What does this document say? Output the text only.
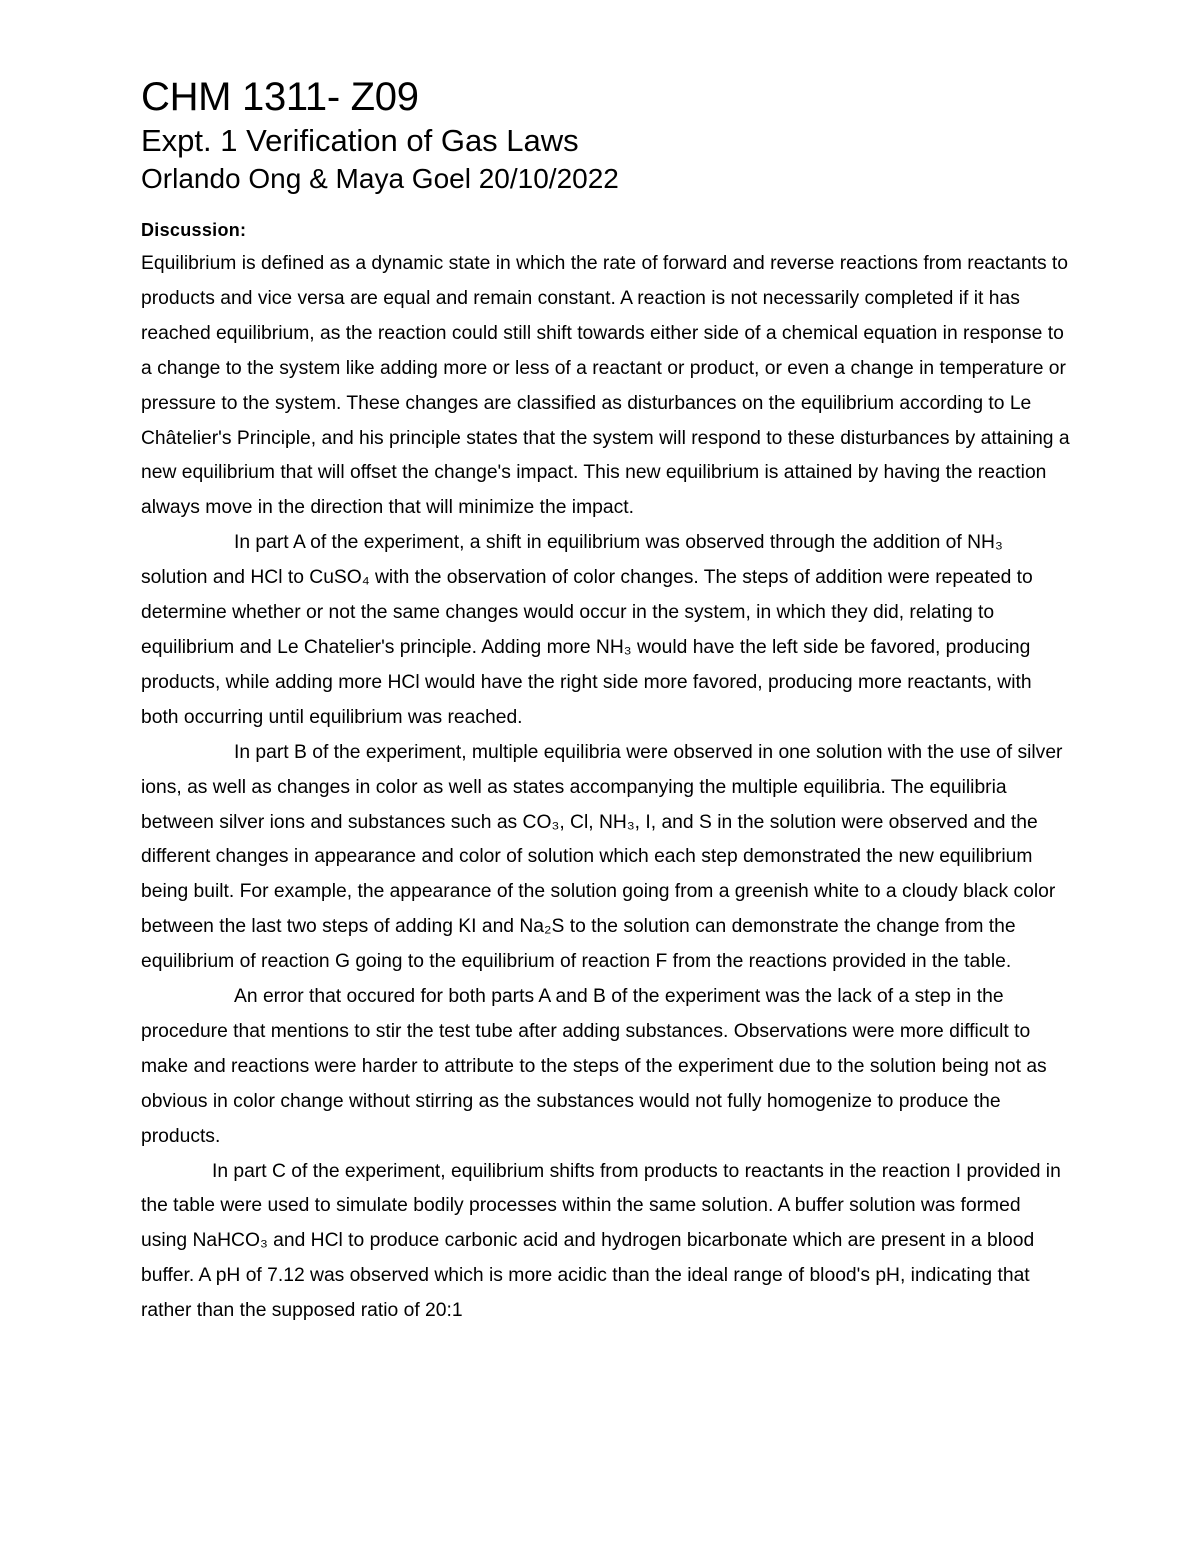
CHM 1311- Z09
Expt. 1 Verification of Gas Laws
Orlando Ong & Maya Goel 20/10/2022
Discussion:

Equilibrium is defined as a dynamic state in which the rate of forward and reverse reactions from reactants to products and vice versa are equal and remain constant. A reaction is not necessarily completed if it has reached equilibrium, as the reaction could still shift towards either side of a chemical equation in response to a change to the system like adding more or less of a reactant or product, or even a change in temperature or pressure to the system. These changes are classified as disturbances on the equilibrium according to Le Châtelier's Principle, and his principle states that the system will respond to these disturbances by attaining a new equilibrium that will offset the change's impact. This new equilibrium is attained by having the reaction always move in the direction that will minimize the impact.

In part A of the experiment, a shift in equilibrium was observed through the addition of NH₃ solution and HCl to CuSO₄ with the observation of color changes. The steps of addition were repeated to determine whether or not the same changes would occur in the system, in which they did, relating to equilibrium and Le Chatelier's principle. Adding more NH₃ would have the left side be favored, producing products, while adding more HCl would have the right side more favored, producing more reactants, with both occurring until equilibrium was reached.

In part B of the experiment, multiple equilibria were observed in one solution with the use of silver ions, as well as changes in color as well as states accompanying the multiple equilibria. The equilibria between silver ions and substances such as CO₃, Cl, NH₃, I, and S in the solution were observed and the different changes in appearance and color of solution which each step demonstrated the new equilibrium being built. For example, the appearance of the solution going from a greenish white to a cloudy black color between the last two steps of adding KI and Na₂S to the solution can demonstrate the change from the equilibrium of reaction G going to the equilibrium of reaction F from the reactions provided in the table.

An error that occured for both parts A and B of the experiment was the lack of a step in the procedure that mentions to stir the test tube after adding substances. Observations were more difficult to make and reactions were harder to attribute to the steps of the experiment due to the solution being not as obvious in color change without stirring as the substances would not fully homogenize to produce the products.

In part C of the experiment, equilibrium shifts from products to reactants in the reaction I provided in the table were used to simulate bodily processes within the same solution. A buffer solution was formed using NaHCO₃ and HCl to produce carbonic acid and hydrogen bicarbonate which are present in a blood buffer. A pH of 7.12 was observed which is more acidic than the ideal range of blood's pH, indicating that rather than the supposed ratio of 20:1
